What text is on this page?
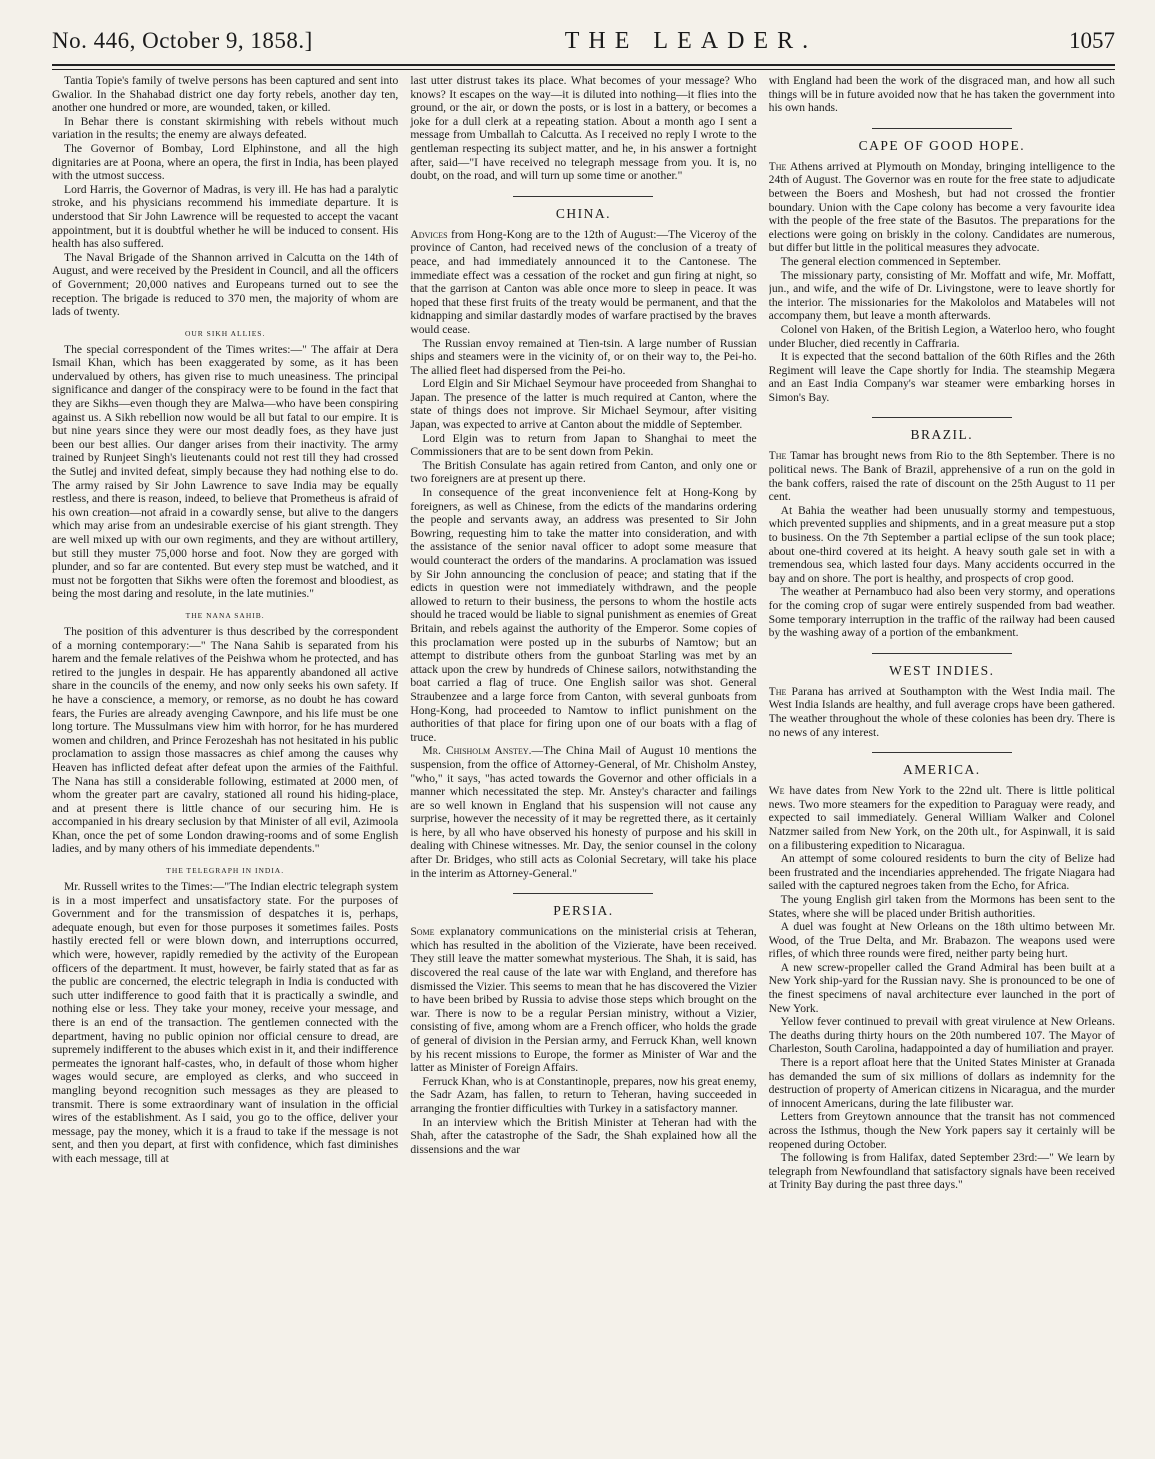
No. 446, October 9, 1858.]	THE LEADER.	1057

Tantia Topie's family of twelve persons has been captured and sent into Gwalior. In the Shahabad district one day forty rebels, another day ten, another one hundred or more, are wounded, taken, or killed.

In Behar there is constant skirmishing with rebels without much variation in the results; the enemy are always defeated.

The Governor of Bombay, Lord Elphinstone, and all the high dignitaries are at Poona, where an opera, the first in India, has been played with the utmost success.

Lord Harris, the Governor of Madras, is very ill. He has had a paralytic stroke, and his physicians recommend his immediate departure. It is understood that Sir John Lawrence will be requested to accept the vacant appointment, but it is doubtful whether he will be induced to consent. His health has also suffered.

The Naval Brigade of the Shannon arrived in Calcutta on the 14th of August, and were received by the President in Council, and all the officers of Government; 20,000 natives and Europeans turned out to see the reception. The brigade is reduced to 370 men, the majority of whom are lads of twenty.

OUR SIKH ALLIES.

The special correspondent of the Times writes:—" The affair at Dera Ismail Khan, which has been exaggerated by some, as it has been undervalued by others, has given rise to much uneasiness. The principal significance and danger of the conspiracy were to be found in the fact that they are Sikhs—even though they are Malwa—who have been conspiring against us. A Sikh rebellion now would be all but fatal to our empire. It is but nine years since they were our most deadly foes, as they have just been our best allies. Our danger arises from their inactivity. The army trained by Runjeet Singh's lieutenants could not rest till they had crossed the Sutlej and invited defeat, simply because they had nothing else to do. The army raised by Sir John Lawrence to save India may be equally restless, and there is reason, indeed, to believe that Prometheus is afraid of his own creation—not afraid in a cowardly sense, but alive to the dangers which may arise from an undesirable exercise of his giant strength. They are well mixed up with our own regiments, and they are without artillery, but still they muster 75,000 horse and foot. Now they are gorged with plunder, and so far are contented. But every step must be watched, and it must not be forgotten that Sikhs were often the foremost and bloodiest, as being the most daring and resolute, in the late mutinies."

THE NANA SAHIB.

The position of this adventurer is thus described by the correspondent of a morning contemporary:—" The Nana Sahib is separated from his harem and the female relatives of the Peishwa whom he protected, and has retired to the jungles in despair. He has apparently abandoned all active share in the councils of the enemy, and now only seeks his own safety. If he have a conscience, a memory, or remorse, as no doubt he has coward fears, the Furies are already avenging Cawnpore, and his life must be one long torture. The Mussulmans view him with horror, for he has murdered women and children, and Prince Ferozeshah has not hesitated in his public proclamation to assign those massacres as chief among the causes why Heaven has inflicted defeat after defeat upon the armies of the Faithful. The Nana has still a considerable following, estimated at 2000 men, of whom the greater part are cavalry, stationed all round his hiding-place, and at present there is little chance of our securing him. He is accompanied in his dreary seclusion by that Minister of all evil, Azimoola Khan, once the pet of some London drawing-rooms and of some English ladies, and by many others of his immediate dependents."

THE TELEGRAPH IN INDIA.

Mr. Russell writes to the Times:—"The Indian electric telegraph system is in a most imperfect and unsatisfactory state. For the purposes of Government and for the transmission of despatches it is, perhaps, adequate enough, but even for those purposes it sometimes failes. Posts hastily erected fell or were blown down, and interruptions occurred, which were, however, rapidly remedied by the activity of the European officers of the department. It must, however, be fairly stated that as far as the public are concerned, the electric telegraph in India is conducted with such utter indifference to good faith that it is practically a swindle, and nothing else or less. They take your money, receive your message, and there is an end of the transaction. The gentlemen connected with the department, having no public opinion nor official censure to dread, are supremely indifferent to the abuses which exist in it, and their indifference permeates the ignorant half-castes, who, in default of those whom higher wages would secure, are employed as clerks, and who succeed in mangling beyond recognition such messages as they are pleased to transmit. There is some extraordinary want of insulation in the official wires of the establishment. As I said, you go to the office, deliver your message, pay the money, which it is a fraud to take if the message is not sent, and then you depart, at first with confidence, which fast diminishes with each message, till at

last utter distrust takes its place. What becomes of your message? Who knows? It escapes on the way—it is diluted into nothing—it flies into the ground, or the air, or down the posts, or is lost in a battery, or becomes a joke for a dull clerk at a repeating station. About a month ago I sent a message from Umballah to Calcutta. As I received no reply I wrote to the gentleman respecting its subject matter, and he, in his answer a fortnight after, said—"I have received no telegraph message from you. It is, no doubt, on the road, and will turn up some time or another."

CHINA.

Advices from Hong-Kong are to the 12th of August:—The Viceroy of the province of Canton, had received news of the conclusion of a treaty of peace, and had immediately announced it to the Cantonese. The immediate effect was a cessation of the rocket and gun firing at night, so that the garrison at Canton was able once more to sleep in peace. It was hoped that these first fruits of the treaty would be permanent, and that the kidnapping and similar dastardly modes of warfare practised by the braves would cease.

The Russian envoy remained at Tien-tsin. A large number of Russian ships and steamers were in the vicinity of, or on their way to, the Pei-ho. The allied fleet had dispersed from the Pei-ho.

Lord Elgin and Sir Michael Seymour have proceeded from Shanghai to Japan. The presence of the latter is much required at Canton, where the state of things does not improve. Sir Michael Seymour, after visiting Japan, was expected to arrive at Canton about the middle of September.

Lord Elgin was to return from Japan to Shanghai to meet the Commissioners that are to be sent down from Pekin.

The British Consulate has again retired from Canton, and only one or two foreigners are at present up there.

In consequence of the great inconvenience felt at Hong-Kong by foreigners, as well as Chinese, from the edicts of the mandarins ordering the people and servants away, an address was presented to Sir John Bowring, requesting him to take the matter into consideration, and with the assistance of the senior naval officer to adopt some measure that would counteract the orders of the mandarins. A proclamation was issued by Sir John announcing the conclusion of peace; and stating that if the edicts in question were not immediately withdrawn, and the people allowed to return to their business, the persons to whom the hostile acts should he traced would be liable to signal punishment as enemies of Great Britain, and rebels against the authority of the Emperor. Some copies of this proclamation were posted up in the suburbs of Namtow; but an attempt to distribute others from the gunboat Starling was met by an attack upon the crew by hundreds of Chinese sailors, notwithstanding the boat carried a flag of truce. One English sailor was shot. General Straubenzee and a large force from Canton, with several gunboats from Hong-Kong, had proceeded to Namtow to inflict punishment on the authorities of that place for firing upon one of our boats with a flag of truce.

Mr. Chisholm Anstey.—The China Mail of August 10 mentions the suspension, from the office of Attorney-General, of Mr. Chisholm Anstey, "who," it says, "has acted towards the Governor and other officials in a manner which necessitated the step. Mr. Anstey's character and failings are so well known in England that his suspension will not cause any surprise, however the necessity of it may be regretted there, as it certainly is here, by all who have observed his honesty of purpose and his skill in dealing with Chinese witnesses. Mr. Day, the senior counsel in the colony after Dr. Bridges, who still acts as Colonial Secretary, will take his place in the interim as Attorney-General."

PERSIA.

Some explanatory communications on the ministerial crisis at Teheran, which has resulted in the abolition of the Vizierate, have been received. They still leave the matter somewhat mysterious. The Shah, it is said, has discovered the real cause of the late war with England, and therefore has dismissed the Vizier. This seems to mean that he has discovered the Vizier to have been bribed by Russia to advise those steps which brought on the war. There is now to be a regular Persian ministry, without a Vizier, consisting of five, among whom are a French officer, who holds the grade of general of division in the Persian army, and Ferruck Khan, well known by his recent missions to Europe, the former as Minister of War and the latter as Minister of Foreign Affairs.

Ferruck Khan, who is at Constantinople, prepares, now his great enemy, the Sadr Azam, has fallen, to return to Teheran, having succeeded in arranging the frontier difficulties with Turkey in a satisfactory manner.

In an interview which the British Minister at Teheran had with the Shah, after the catastrophe of the Sadr, the Shah explained how all the dissensions and the war

with England had been the work of the disgraced man, and how all such things will be in future avoided now that he has taken the government into his own hands.

CAPE OF GOOD HOPE.

The Athens arrived at Plymouth on Monday, bringing intelligence to the 24th of August. The Governor was en route for the free state to adjudicate between the Boers and Moshesh, but had not crossed the frontier boundary. Union with the Cape colony has become a very favourite idea with the people of the free state of the Basutos. The preparations for the elections were going on briskly in the colony. Candidates are numerous, but differ but little in the political measures they advocate.

The general election commenced in September.

The missionary party, consisting of Mr. Moffatt and wife, Mr. Moffatt, jun., and wife, and the wife of Dr. Livingstone, were to leave shortly for the interior. The missionaries for the Makololos and Matabeles will not accompany them, but leave a month afterwards.

Colonel von Haken, of the British Legion, a Waterloo hero, who fought under Blucher, died recently in Caffraria.

It is expected that the second battalion of the 60th Rifles and the 26th Regiment will leave the Cape shortly for India. The steamship Megæra and an East India Company's war steamer were embarking horses in Simon's Bay.

BRAZIL.

The Tamar has brought news from Rio to the 8th September. There is no political news. The Bank of Brazil, apprehensive of a run on the gold in the bank coffers, raised the rate of discount on the 25th August to 11 per cent.

At Bahia the weather had been unusually stormy and tempestuous, which prevented supplies and shipments, and in a great measure put a stop to business. On the 7th September a partial eclipse of the sun took place; about one-third covered at its height. A heavy south gale set in with a tremendous sea, which lasted four days. Many accidents occurred in the bay and on shore. The port is healthy, and prospects of crop good.

The weather at Pernambuco had also been very stormy, and operations for the coming crop of sugar were entirely suspended from bad weather. Some temporary interruption in the traffic of the railway had been caused by the washing away of a portion of the embankment.

WEST INDIES.

The Parana has arrived at Southampton with the West India mail. The West India Islands are healthy, and full average crops have been gathered. The weather throughout the whole of these colonies has been dry. There is no news of any interest.

AMERICA.

We have dates from New York to the 22nd ult. There is little political news. Two more steamers for the expedition to Paraguay were ready, and expected to sail immediately. General William Walker and Colonel Natzmer sailed from New York, on the 20th ult., for Aspinwall, it is said on a filibustering expedition to Nicaragua.

An attempt of some coloured residents to burn the city of Belize had been frustrated and the incendiaries apprehended. The frigate Niagara had sailed with the captured negroes taken from the Echo, for Africa.

The young English girl taken from the Mormons has been sent to the States, where she will be placed under British authorities.

A duel was fought at New Orleans on the 18th ultimo between Mr. Wood, of the True Delta, and Mr. Brabazon. The weapons used were rifles, of which three rounds were fired, neither party being hurt.

A new screw-propeller called the Grand Admiral has been built at a New York ship-yard for the Russian navy. She is pronounced to be one of the finest specimens of naval architecture ever launched in the port of New York.

Yellow fever continued to prevail with great virulence at New Orleans. The deaths during thirty hours on the 20th numbered 107. The Mayor of Charleston, South Carolina, hadappointed a day of humiliation and prayer.

There is a report afloat here that the United States Minister at Granada has demanded the sum of six millions of dollars as indemnity for the destruction of property of American citizens in Nicaragua, and the murder of innocent Americans, during the late filibuster war.

Letters from Greytown announce that the transit has not commenced across the Isthmus, though the New York papers say it certainly will be reopened during October.

The following is from Halifax, dated September 23rd:—" We learn by telegraph from Newfoundland that satisfactory signals have been received at Trinity Bay during the past three days."
